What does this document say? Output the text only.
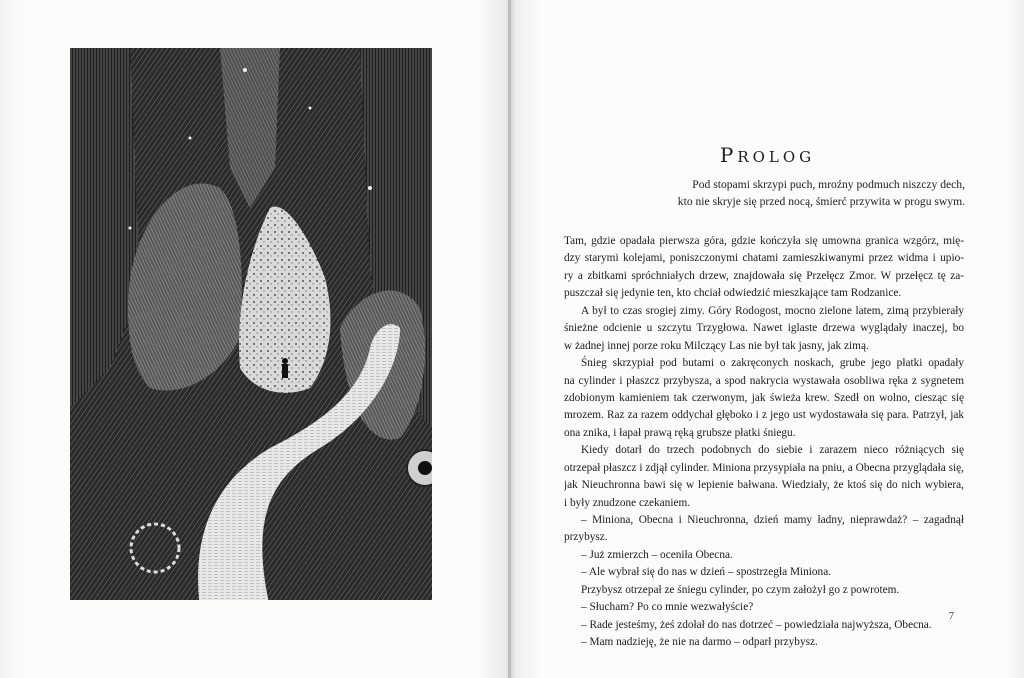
PROLOG
Pod stopami skrzypi puch, mroźny podmuch niszczy dech,
kto nie skryje się przed nocą, śmierć przywita w progu swym.
Tam, gdzie opadała pierwsza góra, gdzie kończyła się umowna granica wzgórz, mię-
dzy starymi kolejami, poniszczonymi chatami zamieszkiwanymi przez widma i upio-
ry a zbitkami spróchniałych drzew, znajdowała się Przełęcz Zmor. W przełęcz tę za-
puszczał się jedynie ten, kto chciał odwiedzić mieszkające tam Rodzanice.
A był to czas srogiej zimy. Góry Rodogost, mocno zielone latem, zimą przybierały
śnieżne odcienie u szczytu Trzygłowa. Nawet iglaste drzewa wyglądały inaczej, bo
w żadnej innej porze roku Milczący Las nie był tak jasny, jak zimą.
Śnieg skrzypiał pod butami o zakręconych noskach, grube jego płatki opadały
na cylinder i płaszcz przybysza, a spod nakrycia wystawała osobliwa ręka z sygnetem
zdobionym kamieniem tak czerwonym, jak świeża krew. Szedł on wolno, ciesząc się
mrozem. Raz za razem oddychał głęboko i z jego ust wydostawała się para. Patrzył, jak
ona znika, i łapał prawą ręką grubsze płatki śniegu.
Kiedy dotarł do trzech podobnych do siebie i zarazem nieco różniących się
otrzepał płaszcz i zdjął cylinder. Miniona przysypiała na pniu, a Obecna przyglądała się,
jak Nieuchronna bawi się w lepienie bałwana. Wiedziały, że ktoś się do nich wybiera,
i były znudzone czekaniem.
– Miniona, Obecna i Nieuchronna, dzień mamy ładny, nieprawdaż? – zagadnął
przybysz.
– Już zmierzch – oceniła Obecna.
– Ale wybrał się do nas w dzień – spostrzegła Miniona.
Przybysz otrzepał ze śniegu cylinder, po czym założył go z powrotem.
– Słucham? Po co mnie wezwałyście?
– Rade jesteśmy, żeś zdołał do nas dotrzeć – powiedziała najwyższa, Obecna.
– Mam nadzieję, że nie na darmo – odparł przybysz.
7
